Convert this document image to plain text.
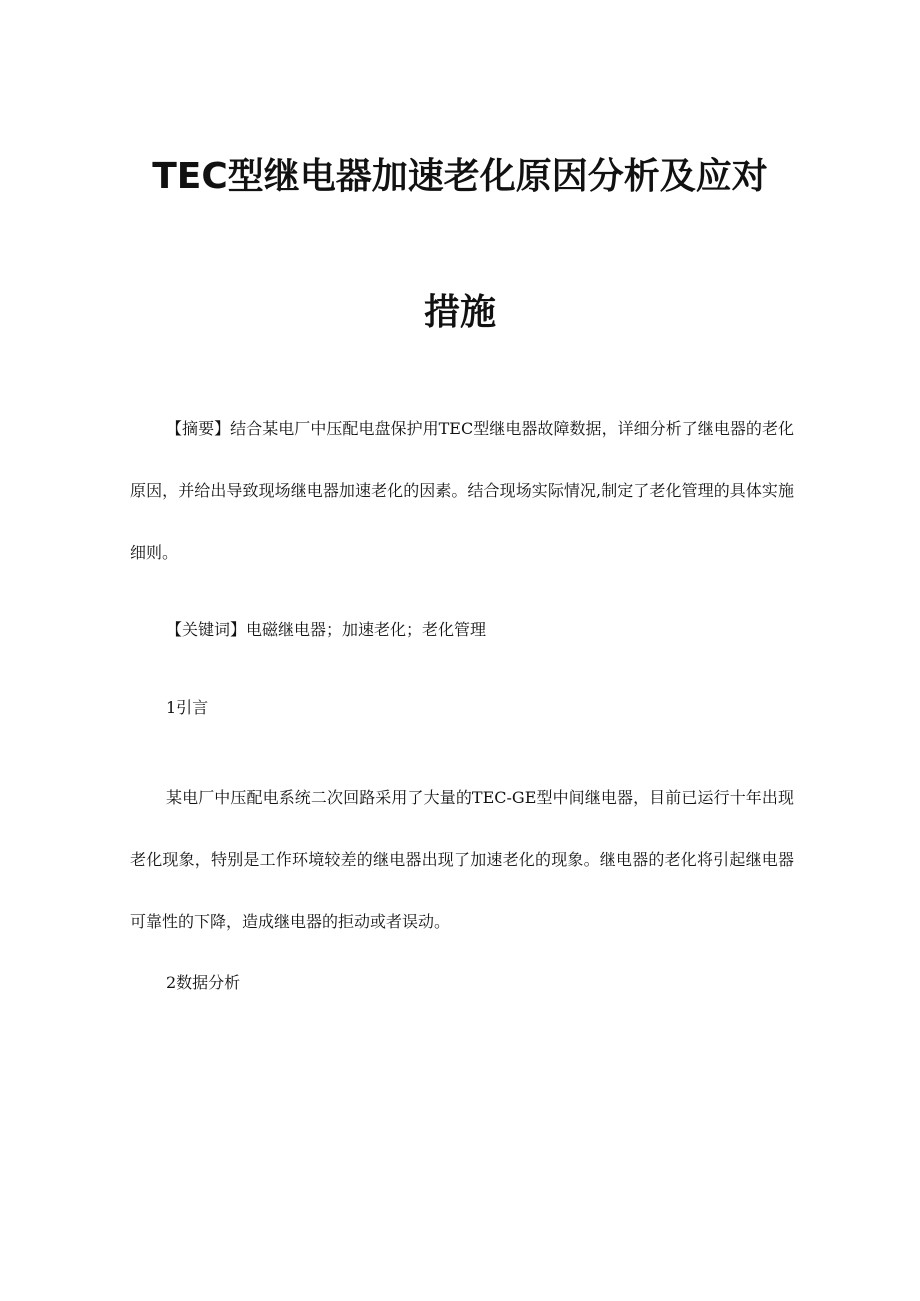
TEC型继电器加速老化原因分析及应对
措施

【摘要】结合某电厂中压配电盘保护用TEC型继电器故障数据，详细分析了继电器的老化原因，并给出导致现场继电器加速老化的因素。结合现场实际情况,制定了老化管理的具体实施细则。

【关键词】电磁继电器；加速老化；老化管理

1引言

某电厂中压配电系统二次回路采用了大量的TEC-GE型中间继电器，目前已运行十年出现老化现象，特别是工作环境较差的继电器出现了加速老化的现象。继电器的老化将引起继电器可靠性的下降，造成继电器的拒动或者误动。

2数据分析
